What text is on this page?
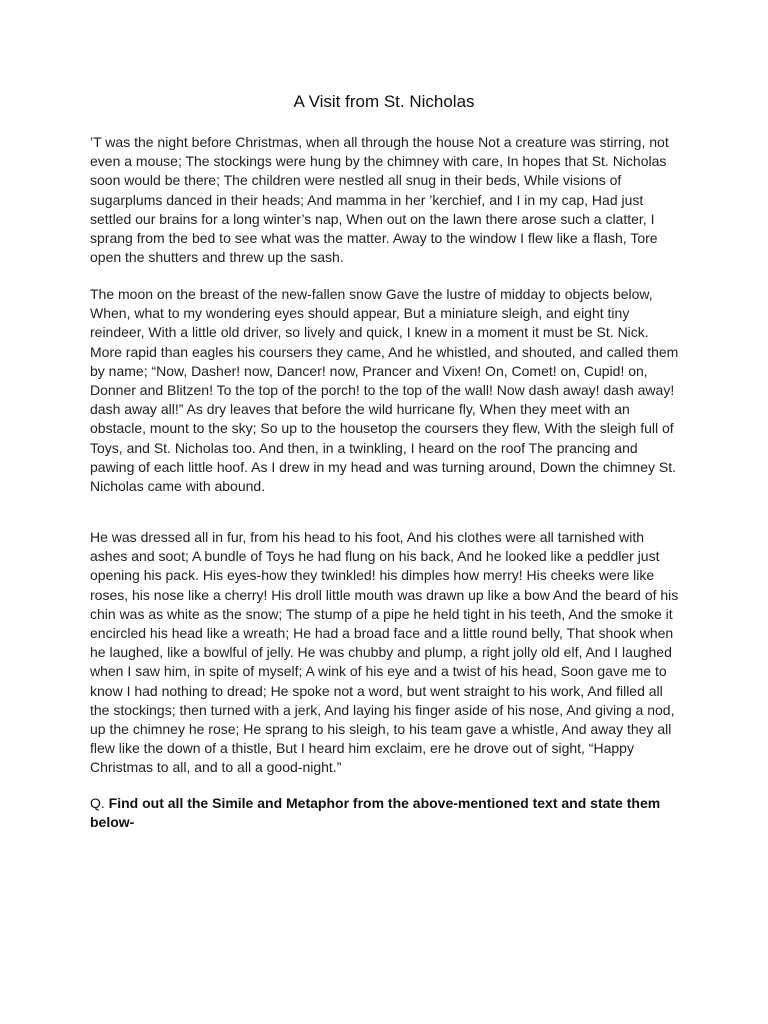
A Visit from St. Nicholas

’T was the night before Christmas, when all through the house Not a creature was stirring, not even a mouse; The stockings were hung by the chimney with care, In hopes that St. Nicholas soon would be there; The children were nestled all snug in their beds, While visions of sugarplums danced in their heads; And mamma in her ’kerchief, and I in my cap, Had just settled our brains for a long winter’s nap, When out on the lawn there arose such a clatter, I sprang from the bed to see what was the matter. Away to the window I flew like a flash, Tore open the shutters and threw up the sash.

The moon on the breast of the new-fallen snow Gave the lustre of midday to objects below, When, what to my wondering eyes should appear, But a miniature sleigh, and eight tiny reindeer, With a little old driver, so lively and quick, I knew in a moment it must be St. Nick. More rapid than eagles his coursers they came, And he whistled, and shouted, and called them by name; “Now, Dasher! now, Dancer! now, Prancer and Vixen! On, Comet! on, Cupid! on, Donner and Blitzen! To the top of the porch! to the top of the wall! Now dash away! dash away! dash away all!” As dry leaves that before the wild hurricane fly, When they meet with an obstacle, mount to the sky; So up to the housetop the coursers they flew, With the sleigh full of Toys, and St. Nicholas too. And then, in a twinkling, I heard on the roof The prancing and pawing of each little hoof. As I drew in my head and was turning around, Down the chimney St. Nicholas came with abound.

He was dressed all in fur, from his head to his foot, And his clothes were all tarnished with ashes and soot; A bundle of Toys he had flung on his back, And he looked like a peddler just opening his pack. His eyes-how they twinkled! his dimples how merry! His cheeks were like roses, his nose like a cherry! His droll little mouth was drawn up like a bow And the beard of his chin was as white as the snow; The stump of a pipe he held tight in his teeth, And the smoke it encircled his head like a wreath; He had a broad face and a little round belly, That shook when he laughed, like a bowlful of jelly. He was chubby and plump, a right jolly old elf, And I laughed when I saw him, in spite of myself; A wink of his eye and a twist of his head, Soon gave me to know I had nothing to dread; He spoke not a word, but went straight to his work, And filled all the stockings; then turned with a jerk, And laying his finger aside of his nose, And giving a nod, up the chimney he rose; He sprang to his sleigh, to his team gave a whistle, And away they all flew like the down of a thistle, But I heard him exclaim, ere he drove out of sight, “Happy Christmas to all, and to all a good-night.”

Q. Find out all the Simile and Metaphor from the above-mentioned text and state them below-
